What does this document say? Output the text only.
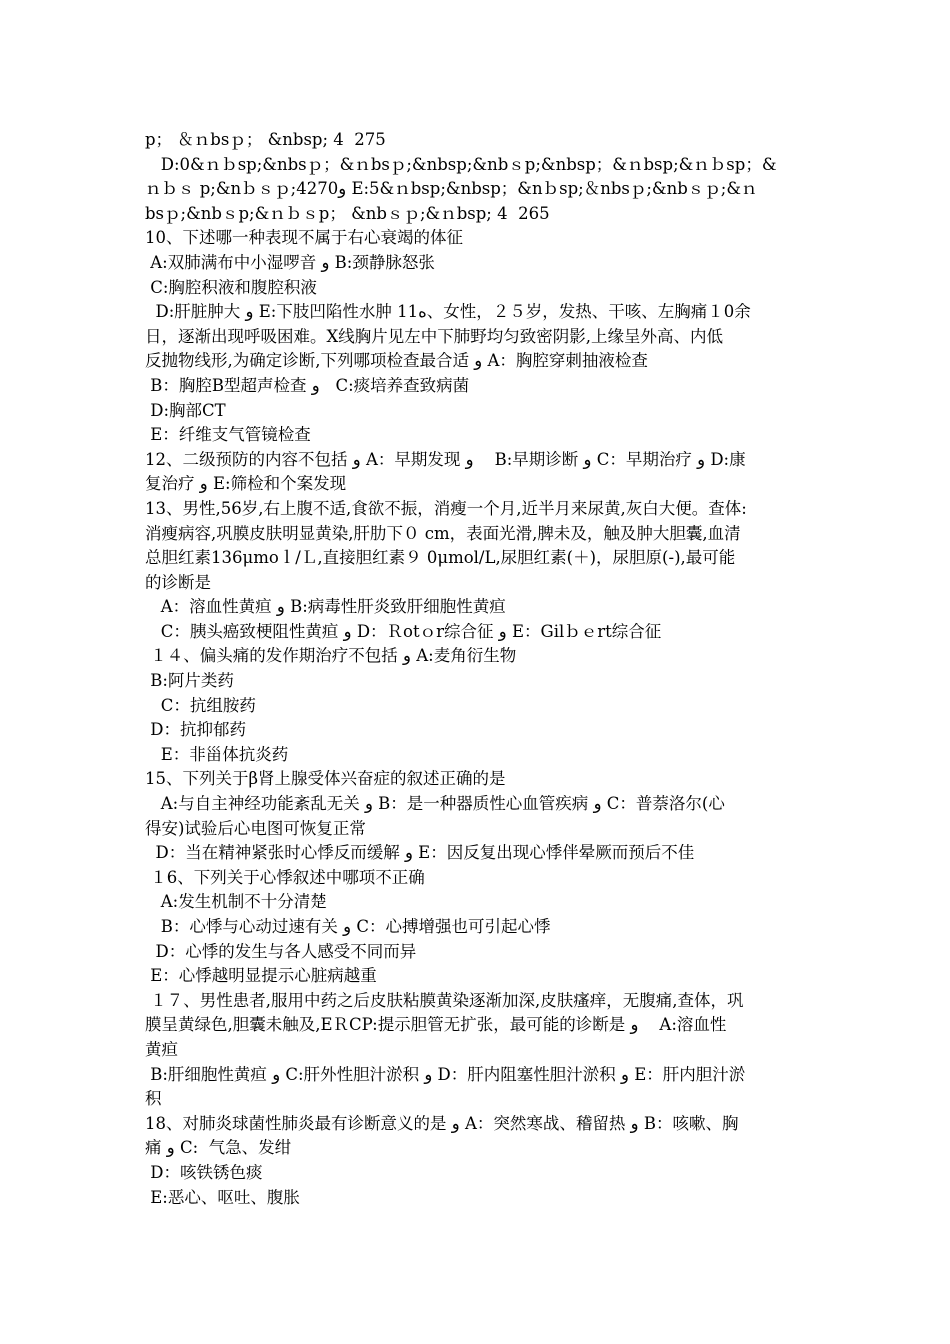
p； ＆ｎbsｐ； &nbsp; 4  275
D:0&ｎｂsp;&nbsｐ；&ｎbsｐ;&nbsp;&nbｓp;&nbsp；&ｎbsp;&ｎｂsp；&
ｎｂｓ p;&nｂｓｐ;4270و E:5&ｎbsp;&nbsp；&nｂsp;＆nbsｐ;&nbｓｐ;&ｎ
bsｐ;&nbｓp;&ｎｂｓp； &nbｓｐ;&ｎbsp; 4  265
10、下述哪一种表现不属于右心衰竭的体征
A:双肺满布中小湿啰音 و B:颈静脉怒张
C:胸腔积液和腹腔积液
D:肝脏肿大 و E:下肢凹陷性水肿 11ه、女性，２５岁，发热、干咳、左胸痛１0余
日，逐渐出现呼吸困难。X线胸片见左中下肺野均匀致密阴影,上缘呈外高、内低
反抛物线形,为确定诊断,下列哪项检查最合适 و A：胸腔穿刺抽液检查
B：胸腔B型超声检查 و   C:痰培养查致病菌
D:胸部CT
E：纤维支气管镜检查
12、二级预防的内容不包括 و A：早期发现 و    B:早期诊断 و C：早期治疗 و D:康
复治疗 و E:筛检和个案发现
13、男性,56岁,右上腹不适,食欲不振，消瘦一个月,近半月来尿黄,灰白大便。查体:
消瘦病容,巩膜皮肤明显黄染,肝肋下０ cm，表面光滑,脾未及，触及肿大胆囊,血清
总胆红素136μmoｌ/Ｌ,直接胆红素９ 0μmol/L,尿胆红素(＋)，尿胆原(-),最可能
的诊断是
A：溶血性黄疸 و B:病毒性肝炎致肝细胞性黄疸
C：胰头癌致梗阻性黄疸 و D：Ｒotｏr综合征 و E：Gilｂｅrt综合征
１４、偏头痛的发作期治疗不包括 و A:麦角衍生物
B:阿片类药
C：抗组胺药
D：抗抑郁药
E：非甾体抗炎药
15、下列关于β肾上腺受体兴奋症的叙述正确的是
A:与自主神经功能紊乱无关 و B：是一种器质性心血管疾病 و C：普萘洛尔(心
得安)试验后心电图可恢复正常
D：当在精神紧张时心悸反而缓解 و E：因反复出现心悸伴晕厥而预后不佳
１6、下列关于心悸叙述中哪项不正确
A:发生机制不十分清楚
B：心悸与心动过速有关 و C：心搏增强也可引起心悸
D：心悸的发生与各人感受不同而异
E：心悸越明显提示心脏病越重
１７、男性患者,服用中药之后皮肤粘膜黄染逐渐加深,皮肤瘙痒，无腹痛,查体，巩
膜呈黄绿色,胆囊未触及,EＲCP:提示胆管无扩张，最可能的诊断是 و    A:溶血性
黄疸
B:肝细胞性黄疸 و C:肝外性胆汁淤积 و D：肝内阻塞性胆汁淤积 و E：肝内胆汁淤
积
18、对肺炎球菌性肺炎最有诊断意义的是 و A：突然寒战、稽留热 و B：咳嗽、胸
痛 و C:  气急、发绀
D：咳铁锈色痰
E:恶心、呕吐、腹胀
